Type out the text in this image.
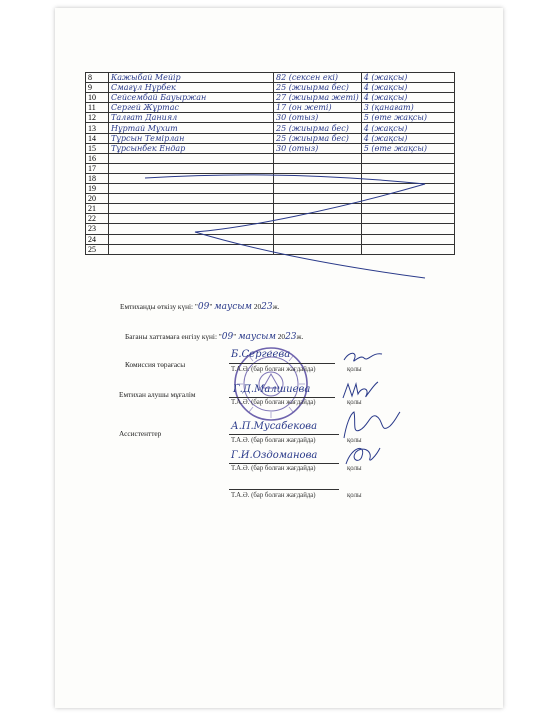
8	Кажыбай Мейір	82 (сексен екі)	4 (жақсы)
9	Смағұл Нұрбек	25 (жиырма бес)	4 (жақсы)
10	Сейсембай Бауыржан	27 (жиырма жеті)	4 (жақсы)
11	Сергей Жұртас	17 (он жеті)	3 (қанағат)
12	Талғат Даниял	30 (отыз)	5 (өте жақсы)
13	Нұртай Мұхит	25 (жиырма бес)	4 (жақсы)
14	Тұрсын Темірлан	25 (жиырма бес)	4 (жақсы)
15	Тұрсынбек Ендар	30 (отыз)	5 (өте жақсы)
16			
17			
18			
19			
20			
21			
22			
23			
24			
25			
Емтиханды өткізу күні: "09" маусым 2023ж.
Баганы хаттамаға енгізу күні: "09" маусым 2023ж.
Комиссия төрағасы
Б.Сергеева
Т.А.Ә. (бар болған жағдайда)	қолы
Емтихан алушы мұғалім	Г.Д.Малшиева
Т.А.Ә. (бар болған жағдайда)	қолы
Ассистенттер
А.П.Мусабекова
Т.А.Ә. (бар болған жағдайда)	қолы
Г.И.Оздоманова
Т.А.Ә. (бар болған жағдайда)	қолы
Т.А.Ә. (бар болған жағдайда)	қолы
